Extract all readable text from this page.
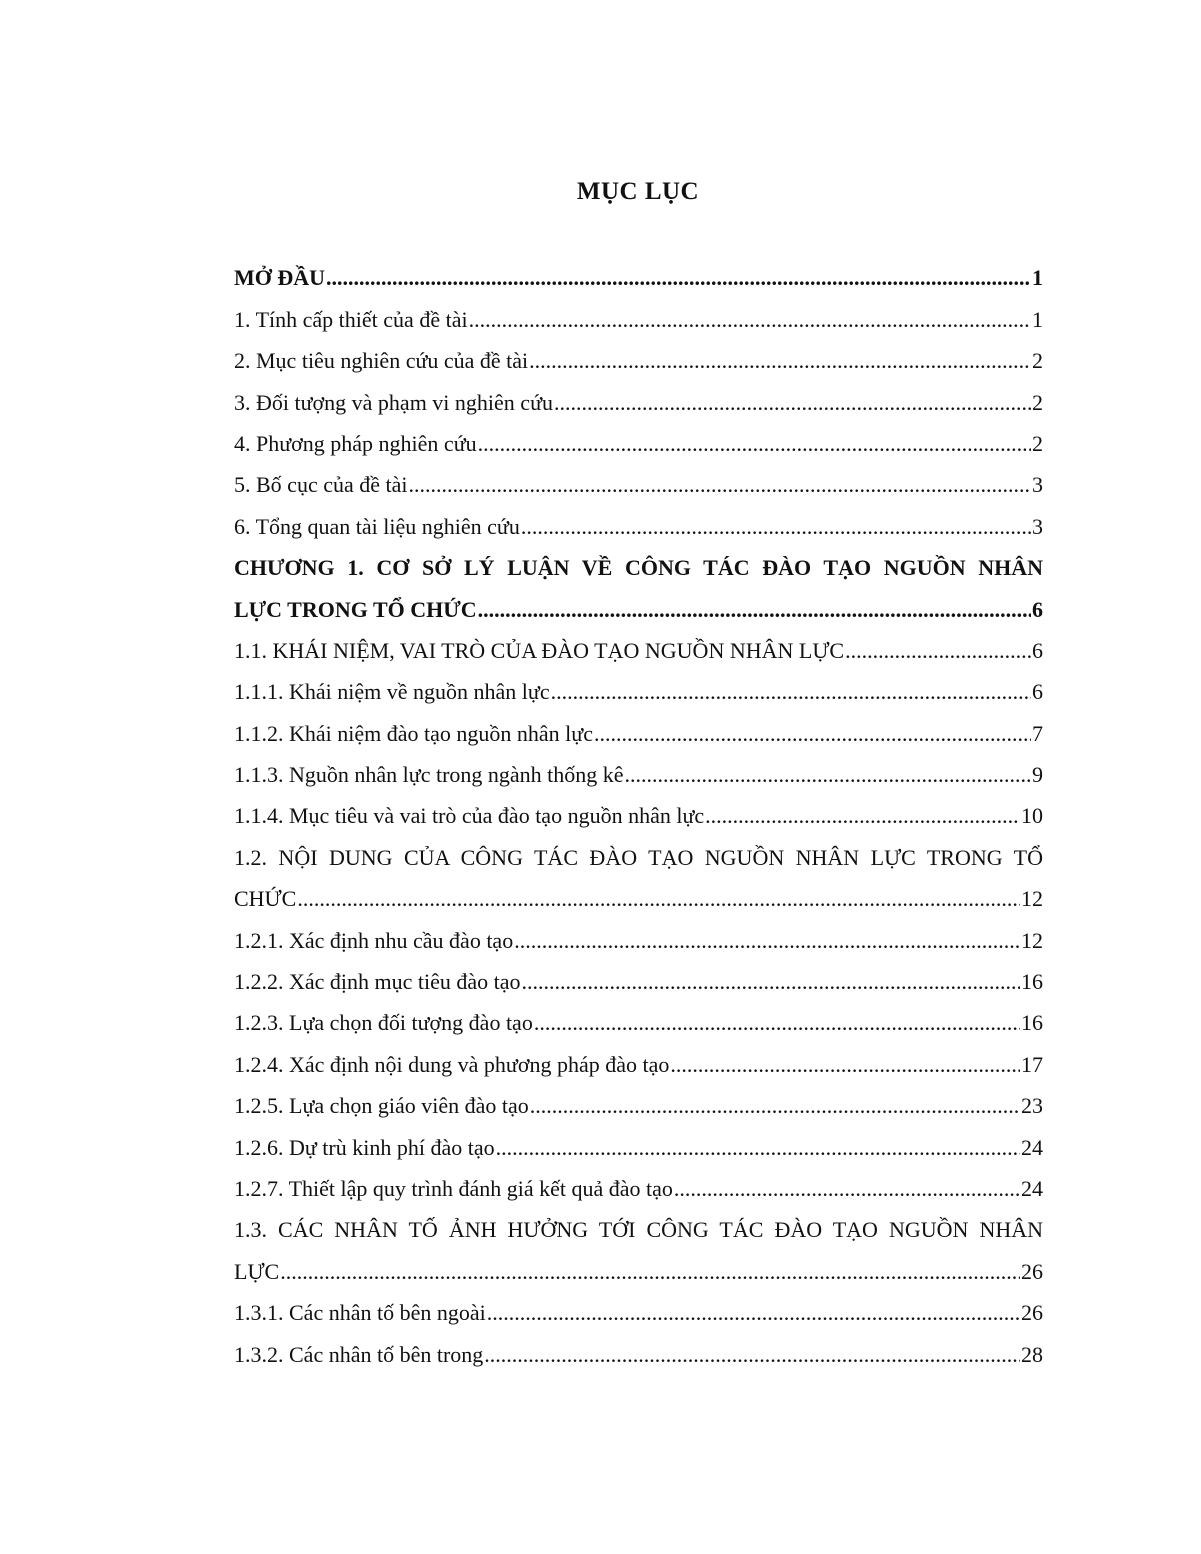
MỤC LỤC
MỞ ĐẦU .....	1
1. Tính cấp thiết của đề tài .....	1
2. Mục tiêu nghiên cứu của đề tài .....	2
3. Đối tượng và phạm vi nghiên cứu .....	2
4. Phương pháp nghiên cứu .....	2
5. Bố cục của đề tài .....	3
6. Tổng quan tài liệu nghiên cứu .....	3
CHƯƠNG 1. CƠ SỞ LÝ LUẬN VỀ CÔNG TÁC ĐÀO TẠO NGUỒN NHÂN
LỰC TRONG TỔ CHỨC .....	6
1.1. KHÁI NIỆM, VAI TRÒ CỦA ĐÀO TẠO NGUỒN NHÂN LỰC .....	6
1.1.1. Khái niệm về nguồn nhân lực .....	6
1.1.2. Khái niệm đào tạo nguồn nhân lực .....	7
1.1.3. Nguồn nhân lực trong ngành thống kê .....	9
1.1.4. Mục tiêu và vai trò của đào tạo nguồn nhân lực .....	10
1.2. NỘI DUNG CỦA CÔNG TÁC ĐÀO TẠO NGUỒN NHÂN LỰC TRONG TỔ
CHỨC .....	12
1.2.1. Xác định nhu cầu đào tạo .....	12
1.2.2. Xác định mục tiêu đào tạo .....	16
1.2.3. Lựa chọn đối tượng đào tạo .....	16
1.2.4. Xác định nội dung và phương pháp đào tạo .....	17
1.2.5. Lựa chọn giáo viên đào tạo .....	23
1.2.6. Dự trù kinh phí đào tạo .....	24
1.2.7. Thiết lập quy trình đánh giá kết quả đào tạo .....	24
1.3. CÁC NHÂN TỐ ẢNH HƯỞNG TỚI CÔNG TÁC ĐÀO TẠO NGUỒN NHÂN
LỰC .....	26
1.3.1. Các nhân tố bên ngoài .....	26
1.3.2. Các nhân tố bên trong .....	28
